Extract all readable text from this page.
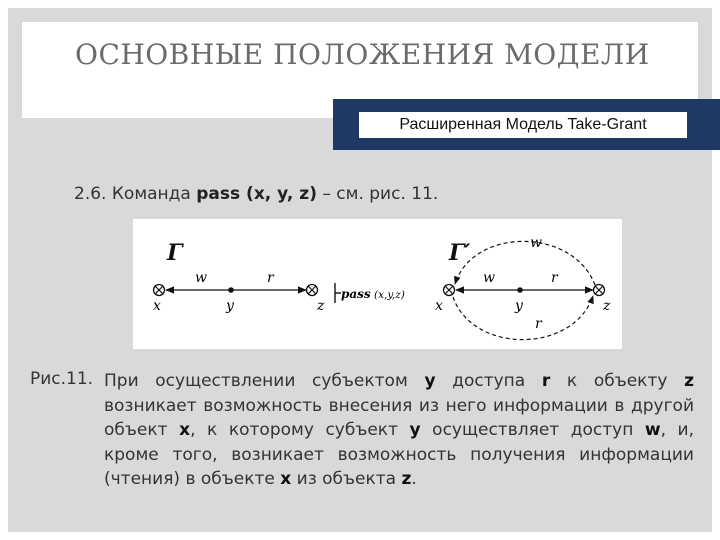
ОСНОВНЫЕ ПОЛОЖЕНИЯ МОДЕЛИ
Расширенная Модель Take-Grant
2.6. Команда pass (x, y, z) – см. рис. 11.
Γ
w	r
x	y	z
pass (x,y,z)
Γ′
w	r
w
r
x	y	z
Рис.11. При осуществлении субъектом y доступа r к объекту z возникает возможность внесения из него информации в другой объект x, к которому субъект y осуществляет доступ w, и, кроме того, возникает возможность получения информации (чтения) в объекте x из объекта z.
